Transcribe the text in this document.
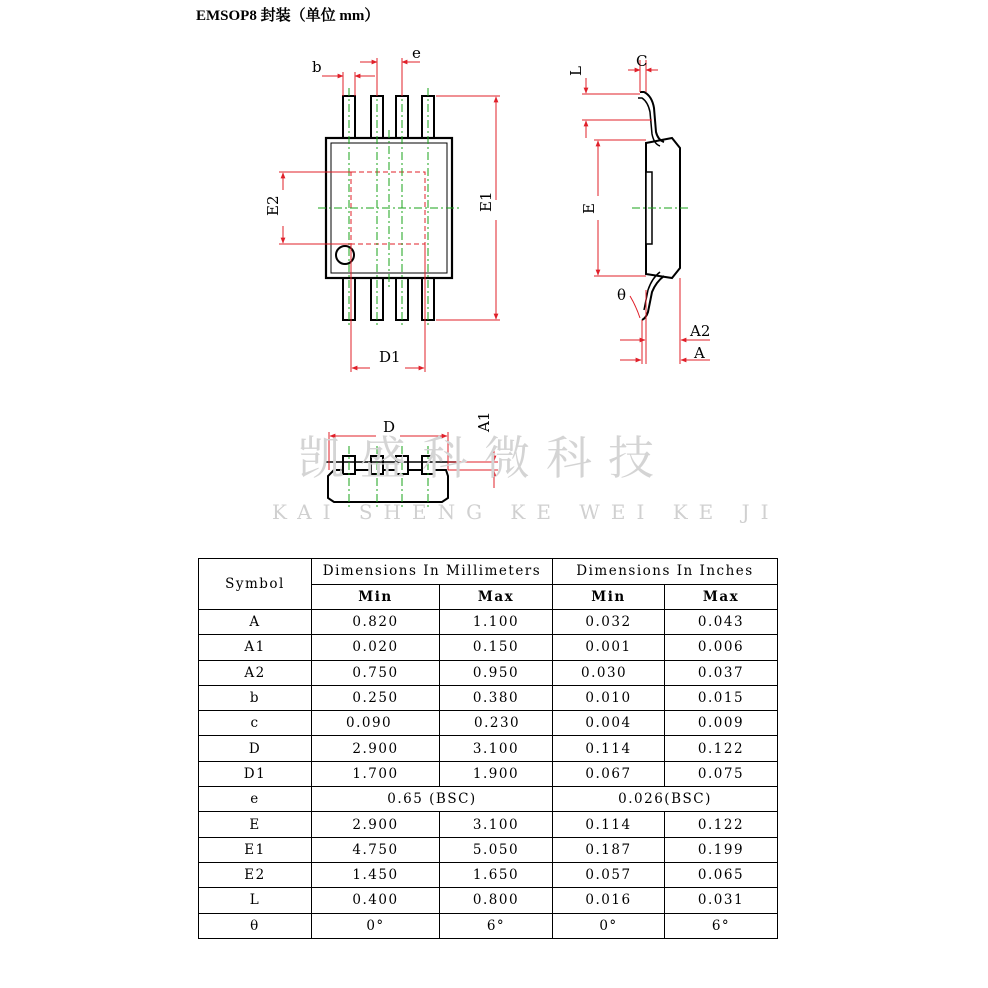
EMSOP8 封装（单位 mm）
b
e
E1
E2
D1
C
L
E
θ
A2
A
D	A1
凯盛科微科技
KAI SHENG KE WEI KE JI
Symbol	Dimensions In Millimeters		Dimensions In Inches	
	Min	Max	Min	Max
A	0.820	1.100	0.032	0.043
A1	0.020	0.150	0.001	0.006
A2	0.750	0.950	0.030	0.037
b	0.250	0.380	0.010	0.015
c	0.090	0.230	0.004	0.009
D	2.900	3.100	0.114	0.122
D1	1.700	1.900	0.067	0.075
e	0.65 (BSC)		0.026(BSC)	
E	2.900	3.100	0.114	0.122
E1	4.750	5.050	0.187	0.199
E2	1.450	1.650	0.057	0.065
L	0.400	0.800	0.016	0.031
θ	0°	6°	0°	6°
